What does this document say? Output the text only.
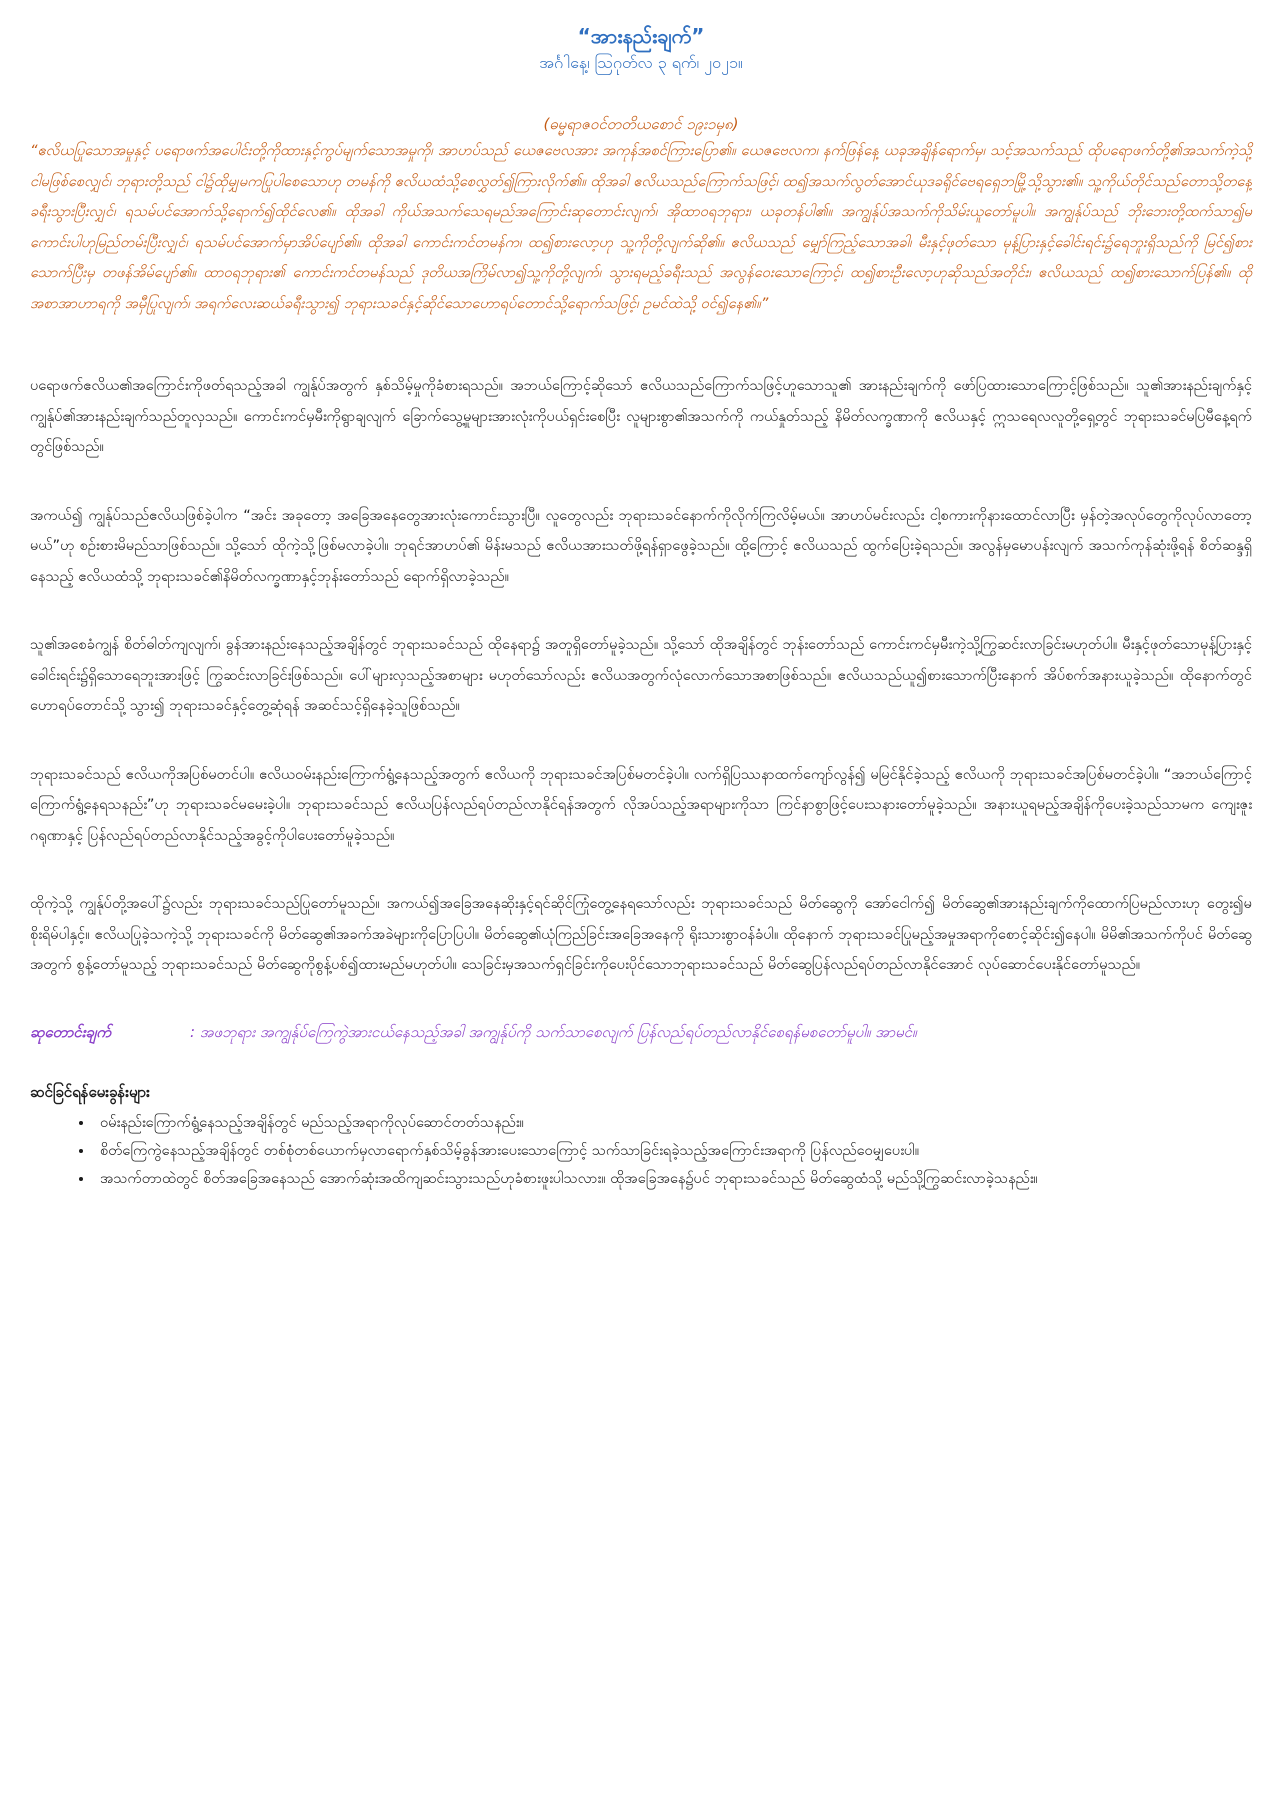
“အားနည်းချက်”
အင်္ဂါနေ့၊ ဩဂုတ်လ ၃ ရက်၊ ၂၀၂၁။
(ဓမ္မရာဇဝင်တတိယစောင် ၁၉း၁မှ၈)

“ဧလိယပြုသောအမှုနှင့် ပရောဖက်အပေါင်းတို့ကိုထားနှင့်ကွပ်မျက်သောအမှုကို၊ အာဟပ်သည် ယေဇဗေလအား အကုန်အစင်ကြားပြော၏။ ယေဇဗေလက၊ နက်ဖြန်နေ့ ယခုအချိန်ရောက်မှ၊ သင့်အသက်သည် ထိုပရောဖက်တို့၏အသက်ကဲ့သို့ငါမဖြစ်စေလျှင်၊ ဘုရားတို့သည် ငါ၌ထိုမျှမကပြုပါစေသောဟု တမန်ကို ဧလိယထံသို့စေလွှတ်၍ကြားလိုက်၏။ ထိုအခါ ဧလိယသည်ကြောက်သဖြင့်၊ ထ၍အသက်လွတ်အောင်ယုဒခရိုင်ဗေရရှေဘမြို့သို့သွား၏။ သူ့ကိုယ်တိုင်သည်တောသို့တနေ့ခရီးသွားပြီးလျှင်၊ ရသမ်ပင်အောက်သို့ရောက်၍ထိုင်လေ၏။ ထိုအခါ ကိုယ်အသက်သေရမည်အကြောင်းဆုတောင်းလျက်၊ အိုထာဝရဘုရား၊ ယခုတန်ပါ၏။ အကျွန်ုပ်အသက်ကိုသိမ်းယူတော်မူပါ။ အကျွန်ုပ်သည် ဘိုးဘေးတို့ထက်သာ၍မကောင်းပါဟုမြည်တမ်းပြီးလျှင်၊ ရသမ်ပင်အောက်မှာအိပ်ပျော်၏။ ထိုအခါ ကောင်းကင်တမန်က၊ ထ၍စားလော့ဟု သူ့ကိုတို့လျက်ဆို၏။ ဧလိယသည် မျှော်ကြည့်သောအခါ၊ မီးနှင့်ဖုတ်သော မုန့်ပြားနှင့်ခေါင်းရင်း၌ရေဘူးရှိသည်ကို မြင်၍စားသောက်ပြီးမှ တဖန်အိမ်ပျော်၏။ ထာဝရဘုရား၏ ကောင်းကင်တမန်သည် ဒုတိယအကြိမ်လာ၍သူ့ကိုတို့လျက်၊ သွားရမည့်ခရီးသည် အလွန်ဝေးသောကြောင့်၊ ထ၍စားဦးလော့ဟုဆိုသည်အတိုင်း၊ ဧလိယသည် ထ၍စားသောက်ပြန်၏။ ထိုအစာအာဟာရကို အမှီပြုလျက်၊ အရက်လေးဆယ်ခရီးသွား၍ ဘုရားသခင်နှင့်ဆိုင်သောဟောရပ်တောင်သို့ရောက်သဖြင့်၊ ဥမင်ထဲသို့ ဝင်၍နေ၏။”

ပရောဖက်ဧလိယ၏အကြောင်းကိုဖတ်ရသည့်အခါ ကျွန်ုပ်အတွက် နှစ်သိမ့်မှုကိုခံစားရသည်။ အဘယ်ကြောင့်ဆိုသော် ဧလိယသည်ကြောက်သဖြင့်ဟူသောသူ၏ အားနည်းချက်ကို ဖော်ပြထားသောကြောင့်ဖြစ်သည်။ သူ၏အားနည်းချက်နှင့် ကျွန်ုပ်၏အားနည်းချက်သည်တူလှသည်။ ကောင်းကင်မှမီးကိုရွာချလျက် ခြောက်သွေ့မှုများအားလုံးကိုပယ်ရှင်းစေပြီး လူများစွာ၏အသက်ကို ကယ်နှုတ်သည့် နိမိတ်လက္ခဏာကို ဧလိယနှင့် ဣသရေလလူတို့ရှေ့တွင် ဘုရားသခင်မပြမီနေ့ရက်တွင်ဖြစ်သည်။

အကယ်၍ ကျွန်ုပ်သည်ဧလိယဖြစ်ခဲ့ပါက “အင်း အခုတော့ အခြေအနေတွေအားလုံးကောင်းသွားပြီ။ လူတွေလည်း ဘုရားသခင်နောက်ကိုလိုက်ကြလိမ့်မယ်။ အာဟပ်မင်းလည်း ငါ့စကားကိုနားထောင်လာပြီး မှန်တဲ့အလုပ်တွေကိုလုပ်လာတော့မယ်”ဟု စဉ်းစားမိမည်သာဖြစ်သည်။ သို့သော် ထိုကဲ့သို့ဖြစ်မလာခဲ့ပါ။ ဘုရင်အာဟပ်၏ မိန်းမသည် ဧလိယအားသတ်ဖို့ရန်ရှာဖွေခဲ့သည်။ ထို့ကြောင့် ဧလိယသည် ထွက်ပြေးခဲ့ရသည်။ အလွန်မှမောပန်းလျက် အသက်ကုန်ဆုံးဖို့ရန် စိတ်ဆန္ဒရှိနေသည့် ဧလိယထံသို့ ဘုရားသခင်၏နိမိတ်လက္ခဏာနှင့်ဘုန်းတော်သည် ရောက်ရှိလာခဲ့သည်။

သူ၏အစေခံကျွန် စိတ်ဓါတ်ကျလျက်၊ ခွန်အားနည်းနေသည့်အချိန်တွင် ဘုရားသခင်သည် ထိုနေရာ၌ အတူရှိတော်မူခဲ့သည်။ သို့သော် ထိုအချိန်တွင် ဘုန်းတော်သည် ကောင်းကင်မှမီးကဲ့သို့ကြွဆင်းလာခြင်းမဟုတ်ပါ။ မီးနှင့်ဖုတ်သောမုန့်ပြားနှင့်ခေါင်းရင်း၌ရှိသောရေဘူးအားဖြင့် ကြွဆင်းလာခြင်းဖြစ်သည်။ ပေါ်များလှသည့်အစာများ မဟုတ်သော်လည်း ဧလိယအတွက်လုံလောက်သောအစာဖြစ်သည်။ ဧလိယသည်ယူ၍စားသောက်ပြီးနောက် အိပ်စက်အနားယူခဲ့သည်။ ထိုနောက်တွင် ဟောရပ်တောင်သို့ သွား၍ ဘုရားသခင်နှင့်တွေ့ဆုံရန် အဆင်သင့်ရှိနေခဲ့သူဖြစ်သည်။

ဘုရားသခင်သည် ဧလိယကိုအပြစ်မတင်ပါ။ ဧလိယဝမ်းနည်းကြောက်ရွံ့နေသည့်အတွက် ဧလိယကို ဘုရားသခင်အပြစ်မတင်ခဲ့ပါ။ လက်ရှိပြဿနာထက်ကျော်လွန်၍ မမြင်နိုင်ခဲ့သည့် ဧလိယကို ဘုရားသခင်အပြစ်မတင်ခဲ့ပါ။ “အဘယ်ကြောင့် ကြောက်ရွံ့နေရသနည်း”ဟု ဘုရားသခင်မမေးခဲ့ပါ။ ဘုရားသခင်သည် ဧလိယပြန်လည်ရပ်တည်လာနိုင်ရန်အတွက် လိုအပ်သည့်အရာများကိုသာ ကြင်နာစွာဖြင့်ပေးသနားတော်မူခဲ့သည်။ အနားယူရမည့်အချိန်ကိုပေးခဲ့သည်သာမက ကျေးဇူးဂရုဏာနှင့် ပြန်လည်ရပ်တည်လာနိုင်သည့်အခွင့်ကိုပါပေးတော်မူခဲ့သည်။

ထိုကဲ့သို့ ကျွန်ုပ်တို့အပေါ်၌လည်း ဘုရားသခင်သည်ပြုတော်မူသည်။ အကယ်၍အခြေအနေဆိုးနှင့်ရင်ဆိုင်ကြုံတွေ့နေရသော်လည်း ဘုရားသခင်သည် မိတ်ဆွေကို အော်ငေါက်၍ မိတ်ဆွေ၏အားနည်းချက်ကိုထောက်ပြမည်လားဟု တွေး၍မစိုးရိမ်ပါနှင့်။ ဧလိယပြုခဲ့သကဲ့သို့ ဘုရားသခင်ကို မိတ်ဆွေ၏အခက်အခဲများကိုပြောပြပါ။ မိတ်ဆွေ၏ယုံကြည်ခြင်းအခြေအနေကို ရိုးသားစွာဝန်ခံပါ။ ထိုနောက် ဘုရားသခင်ပြုမည့်အမှုအရာကိုစောင့်ဆိုင်း၍နေပါ။ မိမိ၏အသက်ကိုပင် မိတ်ဆွေအတွက် စွန့်တော်မူသည့် ဘုရားသခင်သည် မိတ်ဆွေကိုစွန့်ပစ်၍ထားမည်မဟုတ်ပါ။ သေခြင်းမှအသက်ရှင်ခြင်းကိုပေးပိုင်သောဘုရားသခင်သည် မိတ်ဆွေပြန်လည်ရပ်တည်လာနိုင်အောင် လုပ်ဆောင်ပေးနိုင်တော်မူသည်။

ဆုတောင်းချက်	: အဖဘုရား အကျွန်ုပ်ကြေကွဲအားငယ်နေသည့်အခါ အကျွန်ုပ်ကို သက်သာစေလျက် ပြန်လည်ရပ်တည်လာနိုင်စေရန်မစတော်မူပါ။ အာမင်။
ဆင်ခြင်ရန်မေးခွန်းများ
• ဝမ်းနည်းကြောက်ရွံ့နေသည့်အချိန်တွင် မည်သည့်အရာကိုလုပ်ဆောင်တတ်သနည်း။
• စိတ်ကြေကွဲနေသည့်အချိန်တွင် တစ်စုံတစ်ယောက်မှလာရောက်နှစ်သိမ့်ခွန်အားပေးသောကြောင့် သက်သာခြင်းရခဲ့သည့်အကြောင်းအရာကို ပြန်လည်ဝေမျှပေးပါ။
• အသက်တာထဲတွင် စိတ်အခြေအနေသည် အောက်ဆုံးအထိကျဆင်းသွားသည်ဟုခံစားဖူးပါသလား။ ထိုအခြေအနေ၌ပင် ဘုရားသခင်သည် မိတ်ဆွေထံသို့ မည်သို့ကြွဆင်းလာခဲ့သနည်း။
